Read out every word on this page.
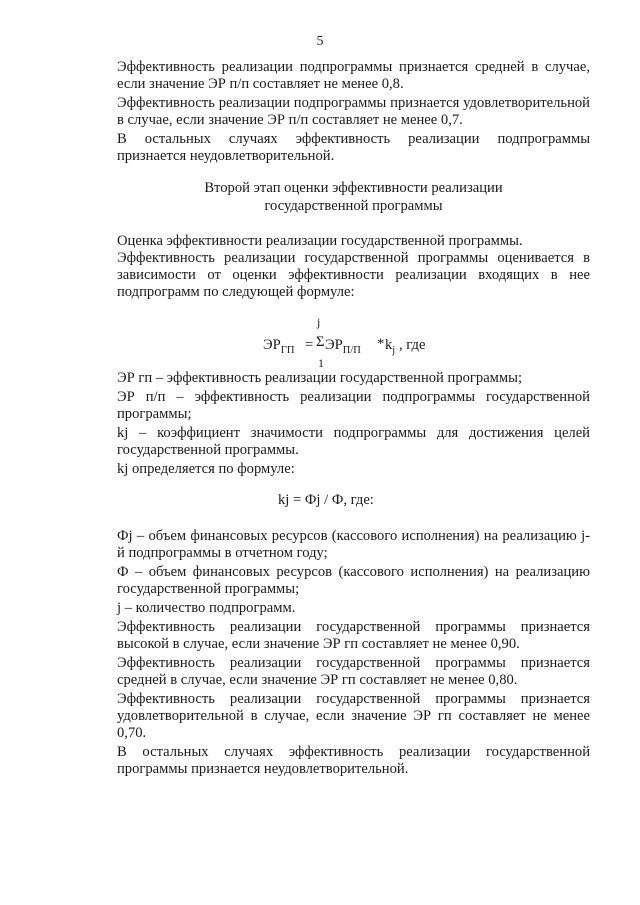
5

Эффективность реализации подпрограммы признается средней в случае, если значение ЭР п/п составляет не менее 0,8.

Эффективность реализации подпрограммы признается удовлетворительной в случае, если значение ЭР п/п составляет не менее 0,7.

В остальных случаях эффективность реализации подпрограммы признается неудовлетворительной.

Второй этап оценки эффективности реализации
государственной программы

Оценка эффективности реализации государственной программы.

Эффективность реализации государственной программы оценивается в зависимости от оценки эффективности реализации входящих в нее подпрограмм по следующей формуле:

j
$ЭР_{ГП} = \Sigma$ $ЭР_{П/П} * k_j$ , где
1

ЭР гп – эффективность реализации государственной программы;

ЭР п/п – эффективность реализации подпрограммы государственной программы;

kj – коэффициент значимости подпрограммы для достижения целей государственной программы.

kj определяется по формуле:

kj = Фj / Ф, где:

Фj – объем финансовых ресурсов (кассового исполнения) на реализацию j-й подпрограммы в отчетном году;

Ф – объем финансовых ресурсов (кассового исполнения) на реализацию государственной программы;

j – количество подпрограмм.

Эффективность реализации государственной программы признается высокой в случае, если значение ЭР гп составляет не менее 0,90.

Эффективность реализации государственной программы признается средней в случае, если значение ЭР гп составляет не менее 0,80.

Эффективность реализации государственной программы признается удовлетворительной в случае, если значение ЭР гп составляет не менее 0,70.

В остальных случаях эффективность реализации государственной программы признается неудовлетворительной.
